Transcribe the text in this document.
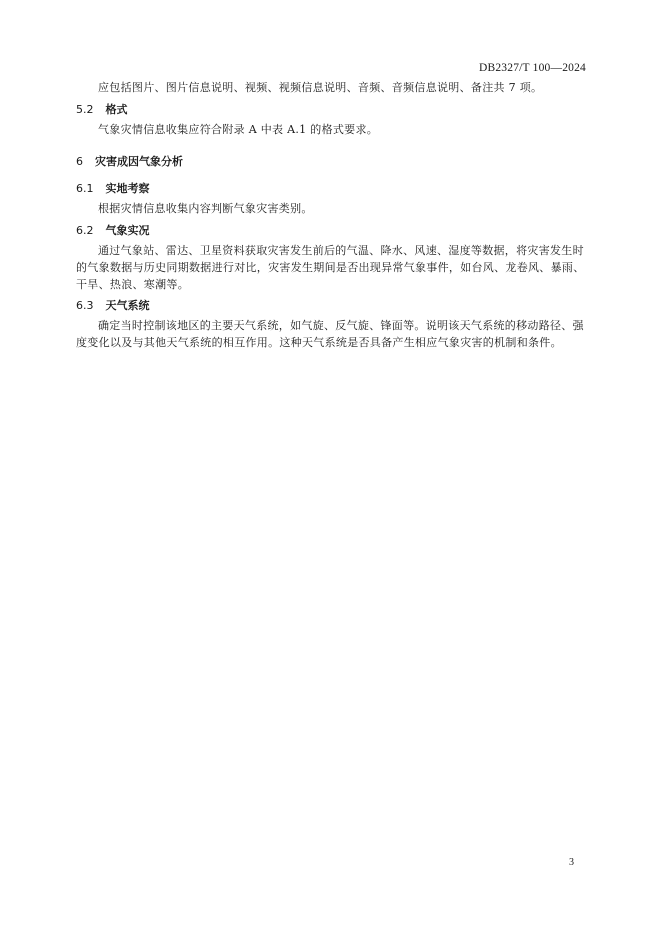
DB2327/T 100—2024
应包括图片、图片信息说明、视频、视频信息说明、音频、音频信息说明、备注共 7 项。
5.2 格式
气象灾情信息收集应符合附录 A 中表 A.1 的格式要求。
6 灾害成因气象分析
6.1 实地考察
根据灾情信息收集内容判断气象灾害类别。
6.2 气象实况
通过气象站、雷达、卫星资料获取灾害发生前后的气温、降水、风速、湿度等数据，将灾害发生时的气象数据与历史同期数据进行对比，灾害发生期间是否出现异常气象事件，如台风、龙卷风、暴雨、干旱、热浪、寒潮等。
6.3 天气系统
确定当时控制该地区的主要天气系统，如气旋、反气旋、锋面等。说明该天气系统的移动路径、强度变化以及与其他天气系统的相互作用。这种天气系统是否具备产生相应气象灾害的机制和条件。
3
